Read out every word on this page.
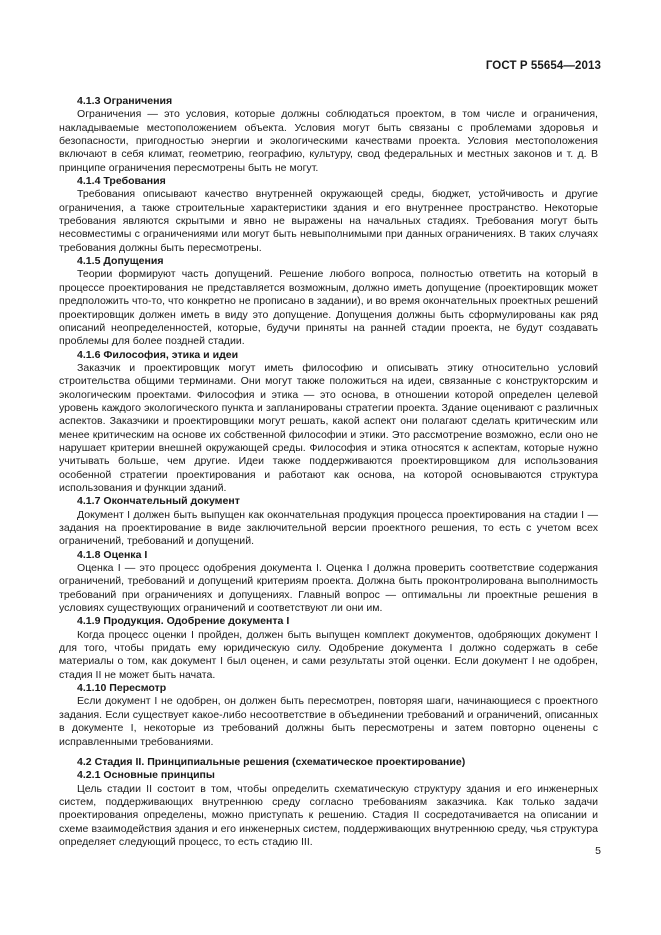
ГОСТ Р 55654—2013
4.1.3 Ограничения
Ограничения — это условия, которые должны соблюдаться проектом, в том числе и ограничения, накладываемые местоположением объекта. Условия могут быть связаны с проблемами здоровья и безопасности, пригодностью энергии и экологическими качествами проекта. Условия местоположения включают в себя климат, геометрию, географию, культуру, свод федеральных и местных законов и т. д. В принципе ограничения пересмотрены быть не могут.
4.1.4 Требования
Требования описывают качество внутренней окружающей среды, бюджет, устойчивость и другие ограничения, а также строительные характеристики здания и его внутреннее пространство. Некоторые требования являются скрытыми и явно не выражены на начальных стадиях. Требования могут быть несовместимы с ограничениями или могут быть невыполнимыми при данных ограничениях. В таких случаях требования должны быть пересмотрены.
4.1.5 Допущения
Теории формируют часть допущений. Решение любого вопроса, полностью ответить на который в процессе проектирования не представляется возможным, должно иметь допущение (проектировщик может предположить что-то, что конкретно не прописано в задании), и во время окончательных проектных решений проектировщик должен иметь в виду это допущение. Допущения должны быть сформулированы как ряд описаний неопределенностей, которые, будучи приняты на ранней стадии проекта, не будут создавать проблемы для более поздней стадии.
4.1.6 Философия, этика и идеи
Заказчик и проектировщик могут иметь философию и описывать этику относительно условий строительства общими терминами. Они могут также положиться на идеи, связанные с конструкторским и экологическим проектами. Философия и этика — это основа, в отношении которой определен целевой уровень каждого экологического пункта и запланированы стратегии проекта. Здание оценивают с различных аспектов. Заказчики и проектировщики могут решать, какой аспект они полагают сделать критическим или менее критическим на основе их собственной философии и этики. Это рассмотрение возможно, если оно не нарушает критерии внешней окружающей среды. Философия и этика относятся к аспектам, которые нужно учитывать больше, чем другие. Идеи также поддерживаются проектировщиком для использования особенной стратегии проектирования и работают как основа, на которой основываются структура использования и функции зданий.
4.1.7 Окончательный документ
Документ I должен быть выпущен как окончательная продукция процесса проектирования на стадии I — задания на проектирование в виде заключительной версии проектного решения, то есть с учетом всех ограничений, требований и допущений.
4.1.8 Оценка I
Оценка I — это процесс одобрения документа I. Оценка I должна проверить соответствие содержания ограничений, требований и допущений критериям проекта. Должна быть проконтролирована выполнимость требований при ограничениях и допущениях. Главный вопрос — оптимальны ли проектные решения в условиях существующих ограничений и соответствуют ли они им.
4.1.9 Продукция. Одобрение документа I
Когда процесс оценки I пройден, должен быть выпущен комплект документов, одобряющих документ I для того, чтобы придать ему юридическую силу. Одобрение документа I должно содержать в себе материалы о том, как документ I был оценен, и сами результаты этой оценки. Если документ I не одобрен, стадия II не может быть начата.
4.1.10 Пересмотр
Если документ I не одобрен, он должен быть пересмотрен, повторяя шаги, начинающиеся с проектного задания. Если существует какое-либо несоответствие в объединении требований и ограничений, описанных в документе I, некоторые из требований должны быть пересмотрены и затем повторно оценены с исправленными требованиями.
4.2 Стадия II. Принципиальные решения (схематическое проектирование)
4.2.1 Основные принципы
Цель стадии II состоит в том, чтобы определить схематическую структуру здания и его инженерных систем, поддерживающих внутреннюю среду согласно требованиям заказчика. Как только задачи проектирования определены, можно приступать к решению. Стадия II сосредотачивается на описании и схеме взаимодействия здания и его инженерных систем, поддерживающих внутреннюю среду, чья структура определяет следующий процесс, то есть стадию III.
5
